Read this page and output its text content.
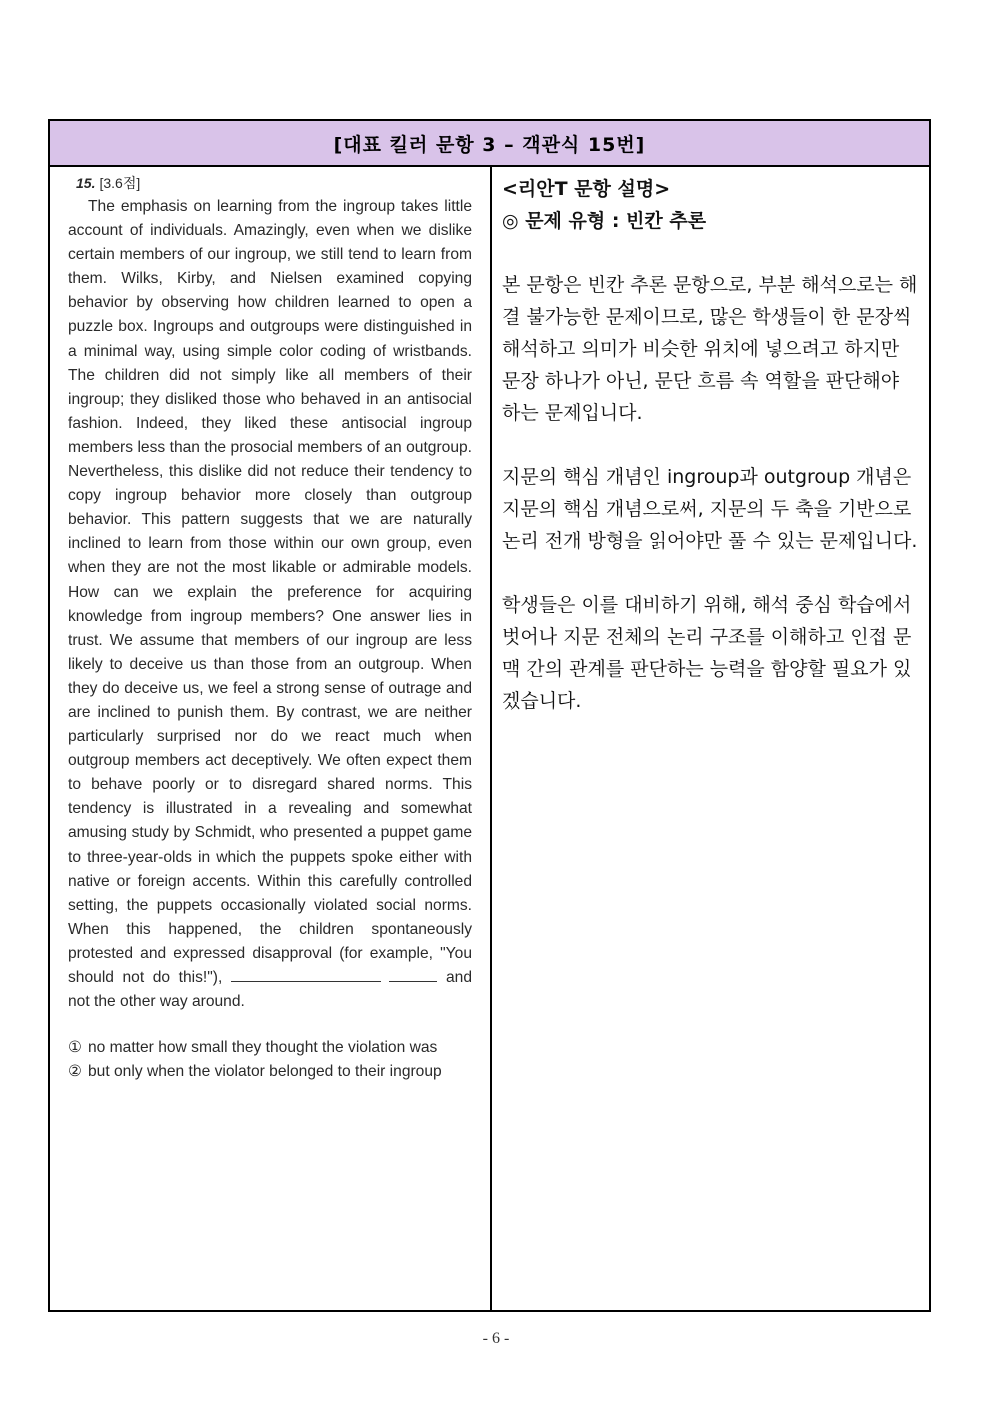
[대표 킬러 문항 3 – 객관식 15번]
15. [3.6점]

The emphasis on learning from the ingroup takes little account of individuals. Amazingly, even when we dislike certain members of our ingroup, we still tend to learn from them. Wilks, Kirby, and Nielsen examined copying behavior by observing how children learned to open a puzzle box. Ingroups and outgroups were distinguished in a minimal way, using simple color coding of wristbands. The children did not simply like all members of their ingroup; they disliked those who behaved in an antisocial fashion. Indeed, they liked these antisocial ingroup members less than the prosocial members of an outgroup. Nevertheless, this dislike did not reduce their tendency to copy ingroup behavior more closely than outgroup behavior. This pattern suggests that we are naturally inclined to learn from those within our own group, even when they are not the most likable or admirable models. How can we explain the preference for acquiring knowledge from ingroup members? One answer lies in trust. We assume that members of our ingroup are less likely to deceive us than those from an outgroup. When they do deceive us, we feel a strong sense of outrage and are inclined to punish them. By contrast, we are neither particularly surprised nor do we react much when outgroup members act deceptively. We often expect them to behave poorly or to disregard shared norms. This tendency is illustrated in a revealing and somewhat amusing study by Schmidt, who presented a puppet game to three-year-olds in which the puppets spoke either with native or foreign accents. Within this carefully controlled setting, the puppets occasionally violated social norms. When this happened, the children spontaneously protested and expressed disapproval (for example, "You should not do this!"),	and not the other way around.

① no matter how small they thought the violation was
② but only when the violator belonged to their ingroup

<리안T 문항 설명>

◎ 문제 유형 : 빈칸 추론

본 문항은 빈칸 추론 문항으로, 부분 해석으로는 해결 불가능한 문제이므로, 많은 학생들이 한 문장씩 해석하고 의미가 비슷한 위치에 넣으려고 하지만 문장 하나가 아닌, 문단 흐름 속 역할을 판단해야 하는 문제입니다.

지문의 핵심 개념인 ingroup과 outgroup 개념은 지문의 핵심 개념으로써, 지문의 두 축을 기반으로 논리 전개 방형을 읽어야만 풀 수 있는 문제입니다.

학생들은 이를 대비하기 위해, 해석 중심 학습에서 벗어나 지문 전체의 논리 구조를 이해하고 인접 문맥 간의 관계를 판단하는 능력을 함양할 필요가 있겠습니다.

- 6 -
